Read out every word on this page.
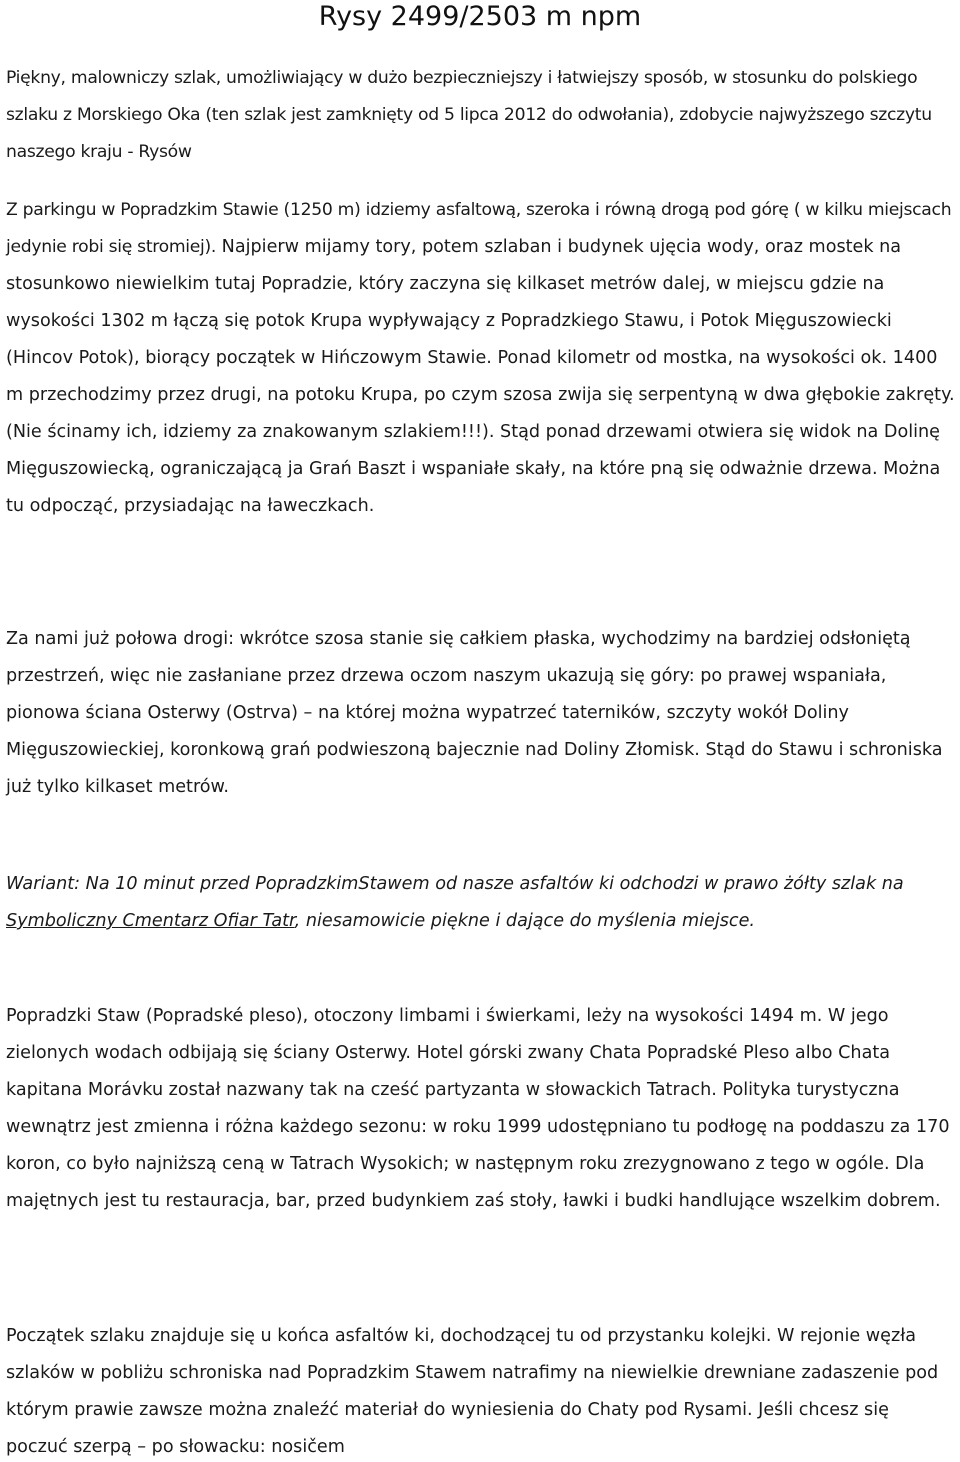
Rysy 2499/2503 m npm

Piękny, malowniczy szlak, umożliwiający w dużo bezpieczniejszy i łatwiejszy sposób, w stosunku do polskiego szlaku z Morskiego Oka (ten szlak jest zamknięty od 5 lipca 2012 do odwołania), zdobycie najwyższego szczytu naszego kraju - Rysów

Z parkingu w Popradzkim Stawie (1250 m) idziemy asfaltową, szeroka i równą drogą pod górę ( w kilku miejscach jedynie robi się stromiej). Najpierw mijamy tory, potem szlaban i budynek ujęcia wody, oraz mostek na stosunkowo niewielkim tutaj Popradzie, który zaczyna się kilkaset metrów dalej, w miejscu gdzie na wysokości 1302 m łączą się potok Krupa wypływający z Popradzkiego Stawu, i Potok Mięguszowiecki (Hincov Potok), biorący początek w Hińczowym Stawie. Ponad kilometr od mostka, na wysokości ok. 1400 m przechodzimy przez drugi, na potoku Krupa, po czym szosa zwija się serpentyną w dwa głębokie zakręty. (Nie ścinamy ich, idziemy za znakowanym szlakiem!!!). Stąd ponad drzewami otwiera się widok na Dolinę Mięguszowiecką, ograniczającą ja Grań Baszt i wspaniałe skały, na które pną się odważnie drzewa. Można tu odpocząć, przysiadając na ławeczkach.

Za nami już połowa drogi: wkrótce szosa stanie się całkiem płaska, wychodzimy na bardziej odsłoniętą przestrzeń, więc nie zasłaniane przez drzewa oczom naszym ukazują się góry: po prawej wspaniała, pionowa ściana Osterwy (Ostrva) – na której można wypatrzeć taterników, szczyty wokół Doliny Mięguszowieckiej, koronkową grań podwieszoną bajecznie nad Doliny Złomisk. Stąd do Stawu i schroniska już tylko kilkaset metrów.

Wariant: Na 10 minut przed PopradzkimStawem od nasze asfaltów ki odchodzi w prawo żółty szlak na Symboliczny Cmentarz Ofiar Tatr, niesamowicie piękne i dające do myślenia miejsce.

Popradzki Staw (Popradské pleso), otoczony limbami i świerkami, leży na wysokości 1494 m. W jego zielonych wodach odbijają się ściany Osterwy. Hotel górski zwany Chata Popradské Pleso albo Chata kapitana Morávku został nazwany tak na cześć partyzanta w słowackich Tatrach. Polityka turystyczna wewnątrz jest zmienna i różna każdego sezonu: w roku 1999 udostępniano tu podłogę na poddaszu za 170 koron, co było najniższą ceną w Tatrach Wysokich; w następnym roku zrezygnowano z tego w ogóle. Dla majętnych jest tu restauracja, bar, przed budynkiem zaś stoły, ławki i budki handlujące wszelkim dobrem.

Początek szlaku znajduje się u końca asfaltów ki, dochodzącej tu od przystanku kolejki. W rejonie węzła szlaków w pobliżu schroniska nad Popradzkim Stawem natrafimy na niewielkie drewniane zadaszenie pod którym prawie zawsze można znaleźć materiał do wyniesienia do Chaty pod Rysami. Jeśli chcesz się poczuć szerpą – po słowacku: nosičem
